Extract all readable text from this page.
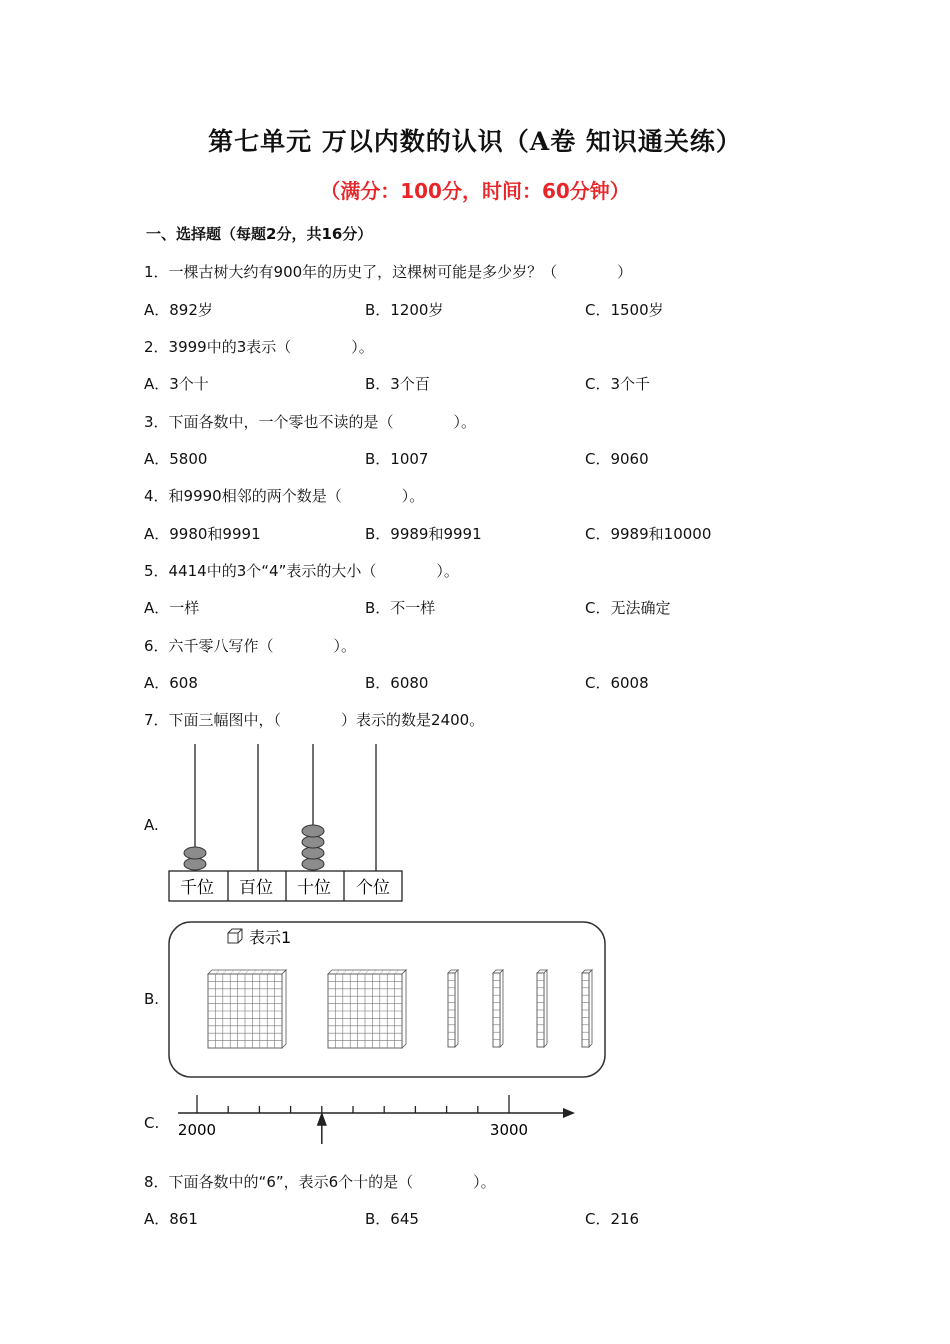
第七单元 万以内数的认识（A卷 知识通关练）
（满分：100分，时间：60分钟）
一、选择题（每题2分，共16分）
1．一棵古树大约有900年的历史了，这棵树可能是多少岁？（　　　　）
A．892岁	B．1200岁	C．1500岁
2．3999中的3表示（　　　　）。
A．3个十	B．3个百	C．3个千
3．下面各数中，一个零也不读的是（　　　　）。
A．5800	B．1007	C．9060
4．和9990相邻的两个数是（　　　　）。
A．9980和9991	B．9989和9991	C．9989和10000
5．4414中的3个“4”表示的大小（　　　　）。
A．一样	B．不一样	C．无法确定
6．六千零八写作（　　　　）。
A．608	B．6080	C．6008
7．下面三幅图中，（　　　　）表示的数是2400。
A.
千位 百位 十位 个位
B.
表示1
C. 2000	3000
8．下面各数中的“6”，表示6个十的是（　　　　）。
A．861	B．645	C．216
